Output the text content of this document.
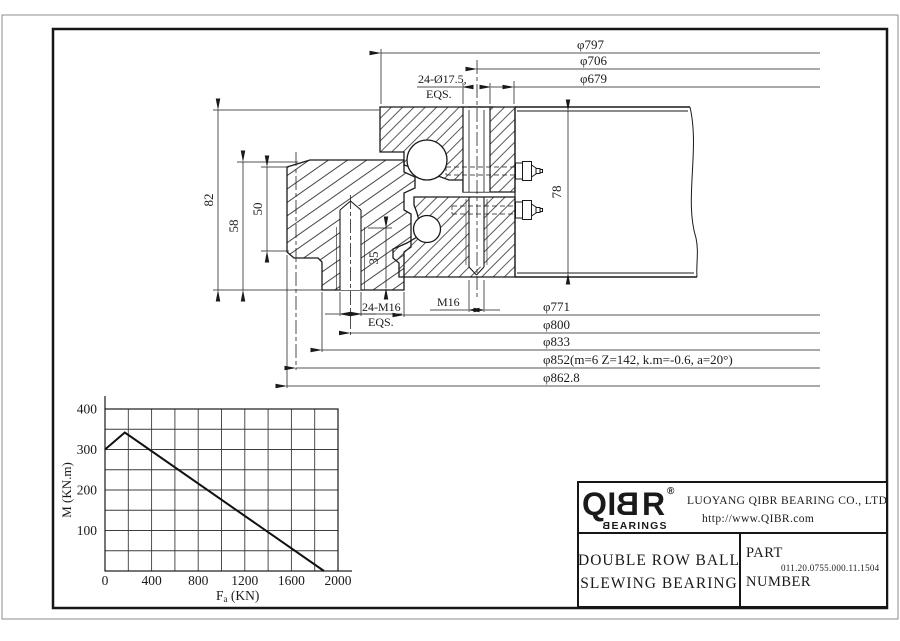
φ797
φ706
φ679
24-Ø17.5,
EQS.
φ771
φ800
φ833
φ852(m=6 Z=142, k.m=-0.6, a=20°)
φ862.8
24-M16
EQS.
M16
82
58
50
35
78
0 400 800 1200 1600 2000
100
200
300
400
M (KN.m)
Fa (KN)
QI
B R ®
B EARINGS
LUOYANG QIBR BEARING CO., LTD
http://www.QIBR.com
DOUBLE ROW BALL
SLEWING BEARING
PART
NUMBER
011.20.0755.000.11.1504
